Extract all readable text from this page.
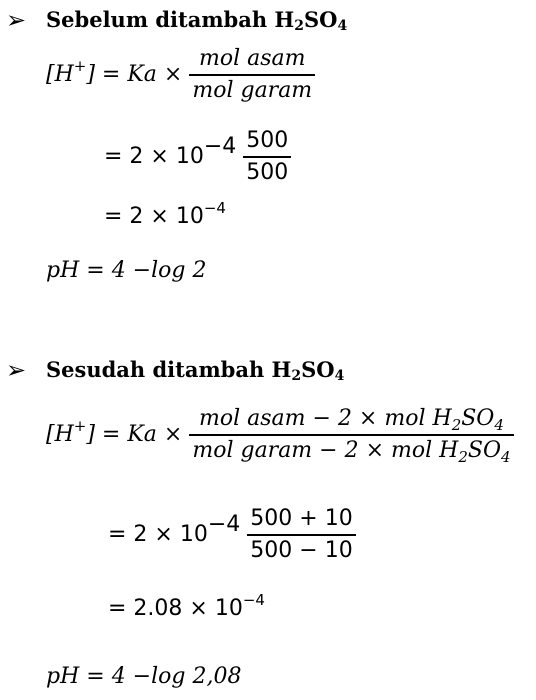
➢ Sebelum ditambah $H_2SO_4$
$[H^+] = Ka \times \frac{\text{mol asam}}{\text{mol garam}}$
= $2 \times 10^{-4} \frac{500}{500}$
= $2 \times 10^{-4}$
pH = 4 −log 2
➢ Sesudah ditambah $H_2SO_4$
$[H^+] = Ka \times \frac{mol asam - 2 \times mol H_2SO_4}{mol garam - 2 \times mol H_2SO_4}$
= $2 \times 10^{-4} \frac{500 + 10}{500 - 10}$
= $2.08 \times 10^{-4}$
pH = 4 −log 2,08
